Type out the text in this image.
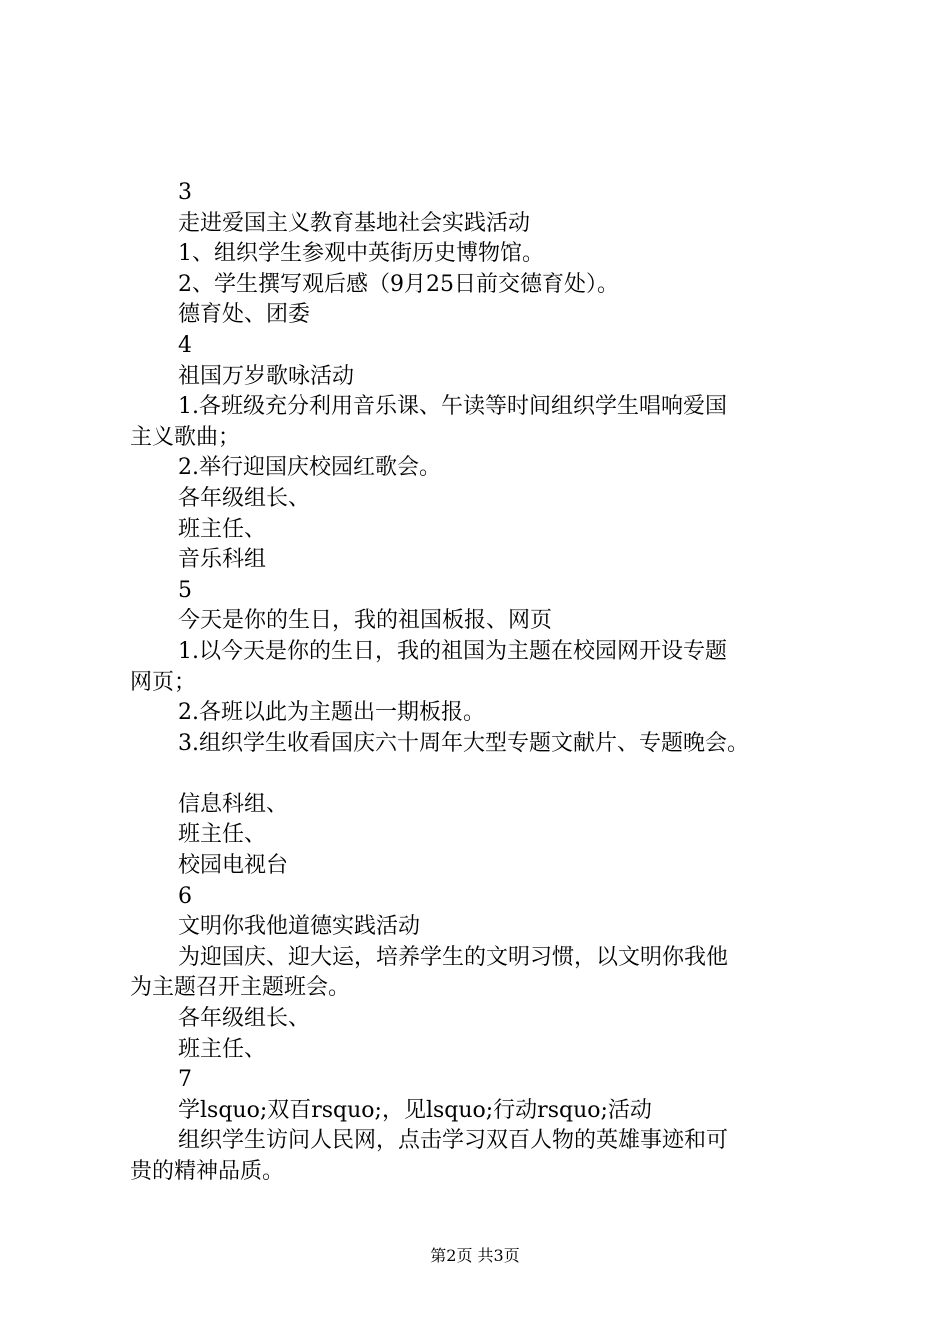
3
走进爱国主义教育基地社会实践活动
1、组织学生参观中英街历史博物馆。
2、学生撰写观后感（9月25日前交德育处）。
德育处、团委
4
祖国万岁歌咏活动
1.各班级充分利用音乐课、午读等时间组织学生唱响爱国
主义歌曲；
2.举行迎国庆校园红歌会。
各年级组长、
班主任、
音乐科组
5
今天是你的生日，我的祖国板报、网页
1.以今天是你的生日，我的祖国为主题在校园网开设专题
网页；
2.各班以此为主题出一期板报。
3.组织学生收看国庆六十周年大型专题文献片、专题晚会。
信息科组、
班主任、
校园电视台
6
文明你我他道德实践活动
为迎国庆、迎大运，培养学生的文明习惯，以文明你我他
为主题召开主题班会。
各年级组长、
班主任、
7
学lsquo;双百rsquo;，见lsquo;行动rsquo;活动
组织学生访问人民网，点击学习双百人物的英雄事迹和可
贵的精神品质。
第2页 共3页
